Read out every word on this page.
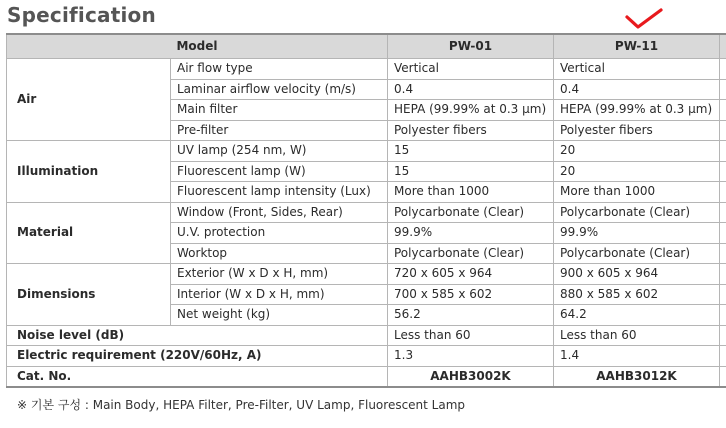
Specification
Model		PW-01	PW-11	
Air	Air flow type	Vertical	Vertical	
	Laminar airflow velocity (m/s)	0.4	0.4	
	Main filter	HEPA (99.99% at 0.3 μm)	HEPA (99.99% at 0.3 μm)	
	Pre-filter	Polyester fibers	Polyester fibers	
Illumination	UV lamp (254 nm, W)	15	20	
	Fluorescent lamp (W)	15	20	
	Fluorescent lamp intensity (Lux)	More than 1000	More than 1000	
Material	Window (Front, Sides, Rear)	Polycarbonate (Clear)	Polycarbonate (Clear)	
	U.V. protection	99.9%	99.9%	
	Worktop	Polycarbonate (Clear)	Polycarbonate (Clear)	
Dimensions	Exterior (W x D x H, mm)	720 x 605 x 964	900 x 605 x 964	
	Interior (W x D x H, mm)	700 x 585 x 602	880 x 585 x 602	
	Net weight (kg)	56.2	64.2	
Noise level (dB)		Less than 60	Less than 60	
Electric requirement (220V/60Hz, A)		1.3	1.4	
Cat. No.		AAHB3002K	AAHB3012K	
※ 기본 구성 : Main Body, HEPA Filter, Pre-Filter, UV Lamp, Fluorescent Lamp
